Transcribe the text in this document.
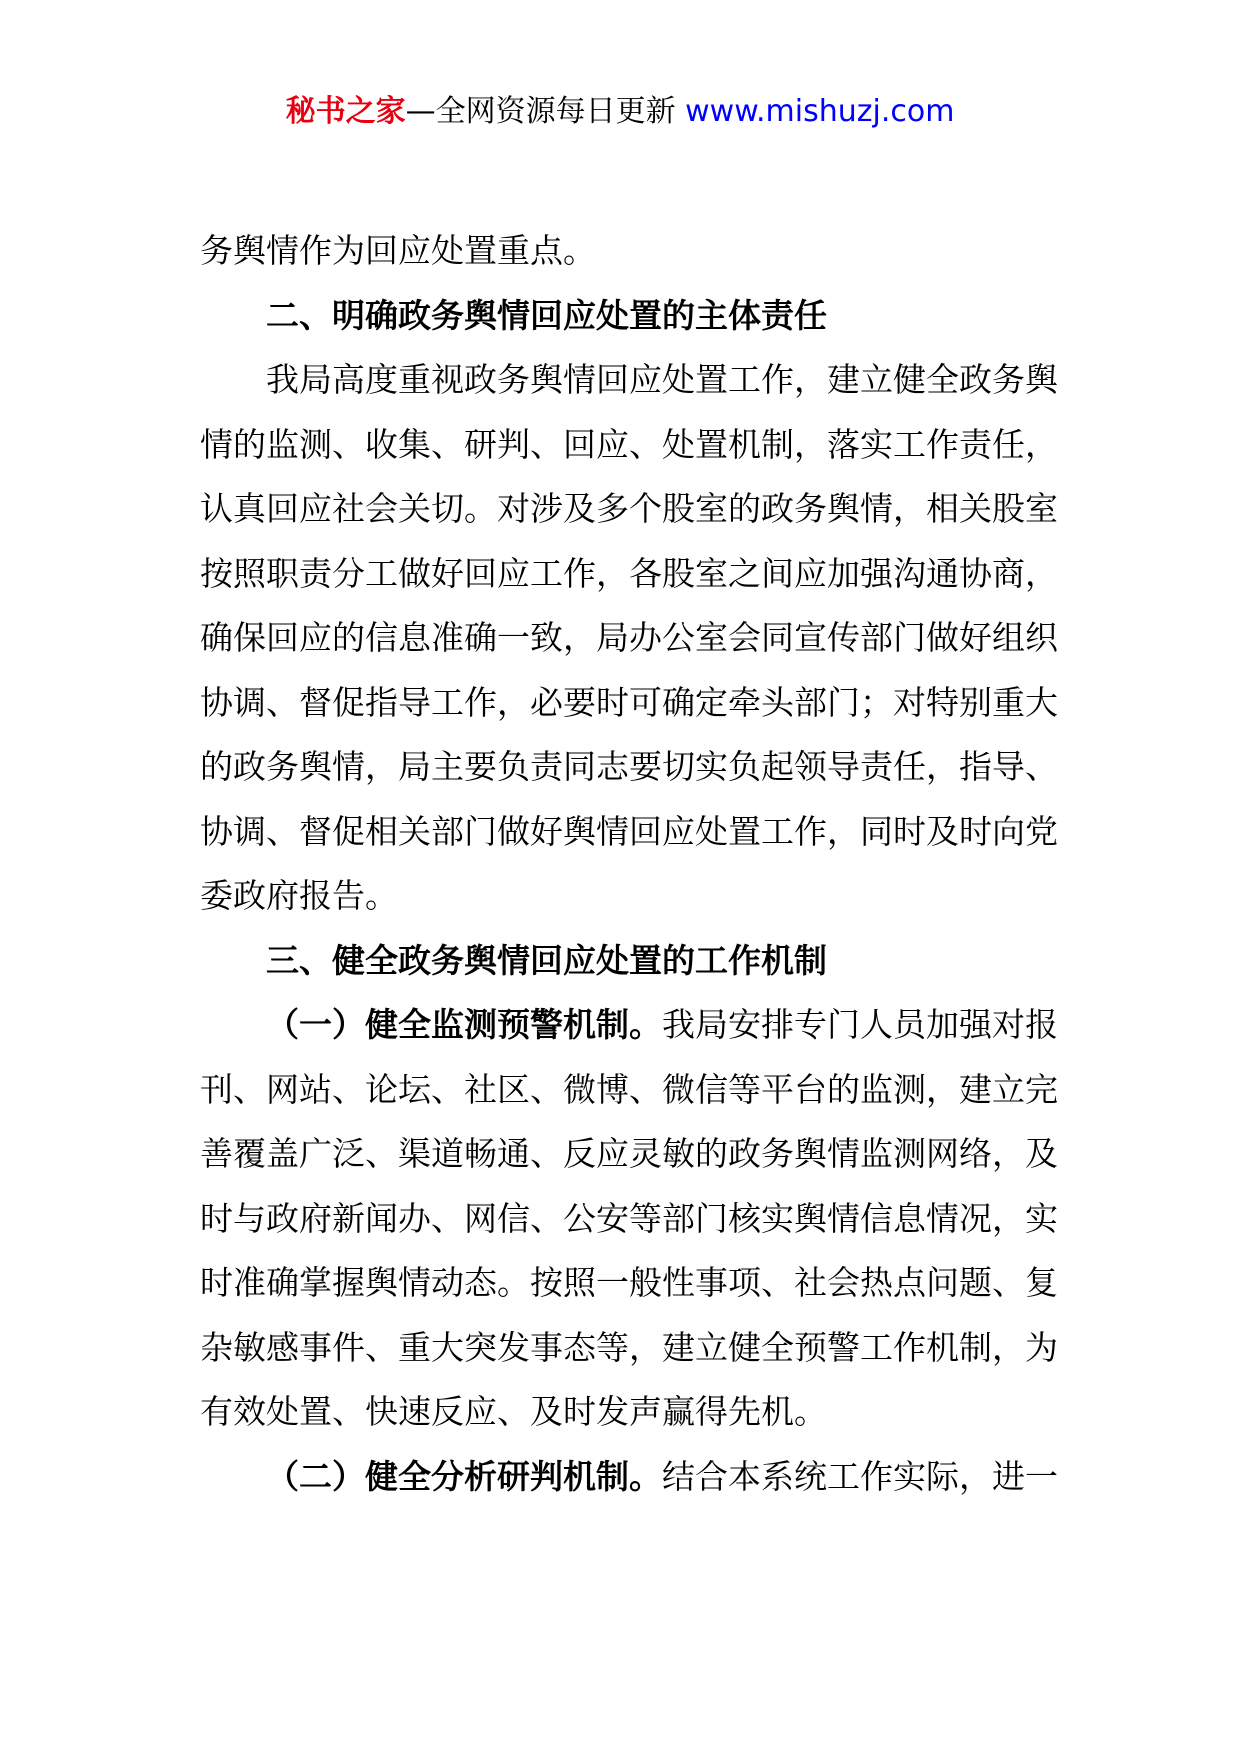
秘书之家—全网资源每日更新 www.mishuzj.com
务舆情作为回应处置重点。
二、明确政务舆情回应处置的主体责任
我局高度重视政务舆情回应处置工作，建立健全政务舆
情的监测、收集、研判、回应、处置机制，落实工作责任，
认真回应社会关切。对涉及多个股室的政务舆情，相关股室
按照职责分工做好回应工作，各股室之间应加强沟通协商，
确保回应的信息准确一致，局办公室会同宣传部门做好组织
协调、督促指导工作，必要时可确定牵头部门；对特别重大
的政务舆情，局主要负责同志要切实负起领导责任，指导、
协调、督促相关部门做好舆情回应处置工作，同时及时向党
委政府报告。
三、健全政务舆情回应处置的工作机制
（一）健全监测预警机制。我局安排专门人员加强对报
刊、网站、论坛、社区、微博、微信等平台的监测，建立完
善覆盖广泛、渠道畅通、反应灵敏的政务舆情监测网络，及
时与政府新闻办、网信、公安等部门核实舆情信息情况，实
时准确掌握舆情动态。按照一般性事项、社会热点问题、复
杂敏感事件、重大突发事态等，建立健全预警工作机制，为
有效处置、快速反应、及时发声赢得先机。
（二）健全分析研判机制。结合本系统工作实际，进一
